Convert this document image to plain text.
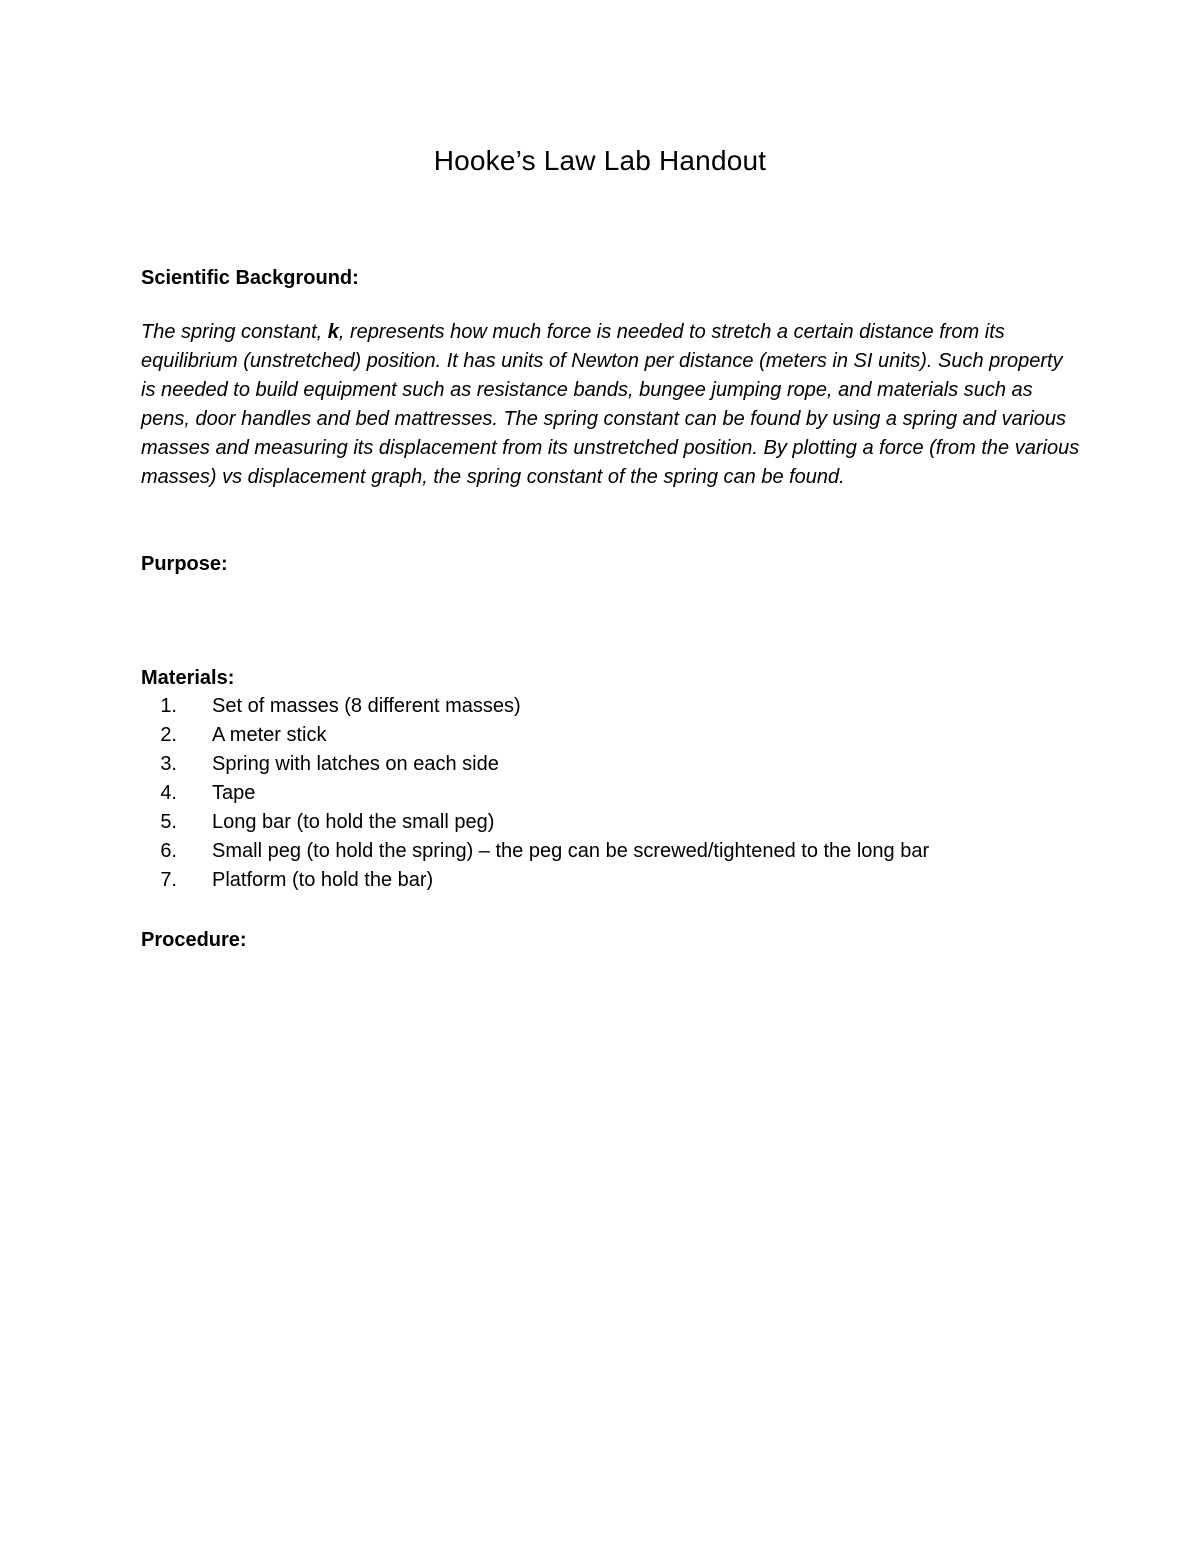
Hooke’s Law Lab Handout
Scientific Background:

The spring constant, k, represents how much force is needed to stretch a certain distance from its equilibrium (unstretched) position. It has units of Newton per distance (meters in SI units). Such property is needed to build equipment such as resistance bands, bungee jumping rope, and materials such as pens, door handles and bed mattresses. The spring constant can be found by using a spring and various masses and measuring its displacement from its unstretched position. By plotting a force (from the various masses) vs displacement graph, the spring constant of the spring can be found.

Purpose:
Materials:
1. Set of masses (8 different masses)
2. A meter stick
3. Spring with latches on each side
4. Tape
5. Long bar (to hold the small peg)
6. Small peg (to hold the spring) – the peg can be screwed/tightened to the long bar
7. Platform (to hold the bar)
Procedure:
